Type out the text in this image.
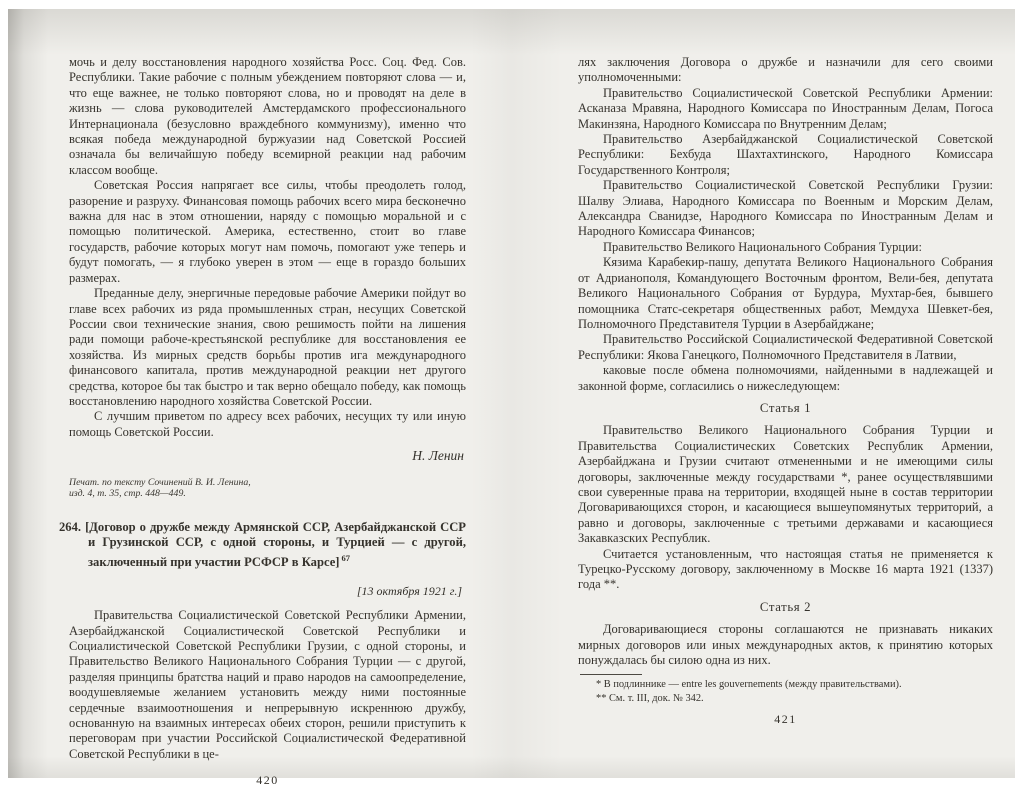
мочь и делу восстановления народного хозяйства Росс. Соц. Фед. Сов. Республики. Такие рабочие с полным убеждением повторяют слова — и, что еще важнее, не только повторяют слова, но и проводят на деле в жизнь — слова руководителей Амстердамского профессионального Интернационала (безусловно враждебного коммунизму), именно что всякая победа международной буржуазии над Советской Россией означала бы величайшую победу всемирной реакции над рабочим классом вообще.

Советская Россия напрягает все силы, чтобы преодолеть голод, разорение и разруху. Финансовая помощь рабочих всего мира бесконечно важна для нас в этом отношении, наряду с помощью моральной и с помощью политической. Америка, естественно, стоит во главе государств, рабочие которых могут нам помочь, помогают уже теперь и будут помогать, — я глубоко уверен в этом — еще в гораздо больших размерах.

Преданные делу, энергичные передовые рабочие Америки пойдут во главе всех рабочих из ряда промышленных стран, несущих Советской России свои технические знания, свою решимость пойти на лишения ради помощи рабоче-крестьянской республике для восстановления ее хозяйства. Из мирных средств борьбы против ига международного финансового капитала, против международной реакции нет другого средства, которое бы так быстро и так верно обещало победу, как помощь восстановлению народного хозяйства Советской России.

С лучшим приветом по адресу всех рабочих, несущих ту или иную помощь Советской России.

Н. Ленин
Печат. по тексту Сочинений В. И. Ленина,
изд. 4, т. 35, стр. 448—449.
264. [Договор о дружбе между Армянской ССР, Азербайджанской ССР и Грузинской ССР, с одной стороны, и Турцией — с другой, заключенный при участии РСФСР в Карсе] $^{67}$
[13 октября 1921 г.]

Правительства Социалистической Советской Республики Армении, Азербайджанской Социалистической Советской Республики и Социалистической Советской Республики Грузии, с одной стороны, и Правительство Великого Национального Собрания Турции — с другой, разделяя принципы братства наций и право народов на самоопределение, воодушевляемые желанием установить между ними постоянные сердечные взаимоотношения и непрерывную искреннюю дружбу, основанную на взаимных интересах обеих сторон, решили приступить к переговорам при участии Российской Социалистической Федеративной Советской Республики в це-

420

лях заключения Договора о дружбе и назначили для сего своими уполномоченными:

Правительство Социалистической Советской Республики Армении: Асканаза Мравяна, Народного Комиссара по Иностранным Делам, Погоса Макинзяна, Народного Комиссара по Внутренним Делам;

Правительство Азербайджанской Социалистической Советской Республики: Бехбуда Шахтахтинского, Народного Комиссара Государственного Контроля;

Правительство Социалистической Советской Республики Грузии: Шалву Элиава, Народного Комиссара по Военным и Морским Делам, Александра Сванидзе, Народного Комиссара по Иностранным Делам и Народного Комиссара Финансов;

Правительство Великого Национального Собрания Турции:

Кязима Карабекир-пашу, депутата Великого Национального Собрания от Адрианополя, Командующего Восточным фронтом, Вели-бея, депутата Великого Национального Собрания от Бурдура, Мухтар-бея, бывшего помощника Статс-секретаря общественных работ, Мемдуха Шевкет-бея, Полномочного Представителя Турции в Азербайджане;

Правительство Российской Социалистической Федеративной Советской Республики: Якова Ганецкого, Полномочного Представителя в Латвии,

каковые после обмена полномочиями, найденными в надлежащей и законной форме, согласились о нижеследующем:

Статья 1

Правительство Великого Национального Собрания Турции и Правительства Социалистических Советских Республик Армении, Азербайджана и Грузии считают отмененными и не имеющими силы договоры, заключенные между государствами *, ранее осуществлявшими свои суверенные права на территории, входящей ныне в состав территории Договаривающихся сторон, и касающиеся вышеупомянутых территорий, а равно и договоры, заключенные с третьими державами и касающиеся Закавказских Республик.

Считается установленным, что настоящая статья не применяется к Турецко-Русскому договору, заключенному в Москве 16 марта 1921 (1337) года **.

Статья 2

Договаривающиеся стороны соглашаются не признавать никаких мирных договоров или иных международных актов, к принятию которых понуждалась бы силою одна из них.

* В подлиннике — entre les gouvernements (между правительствами).

** См. т. III, док. № 342.

421
